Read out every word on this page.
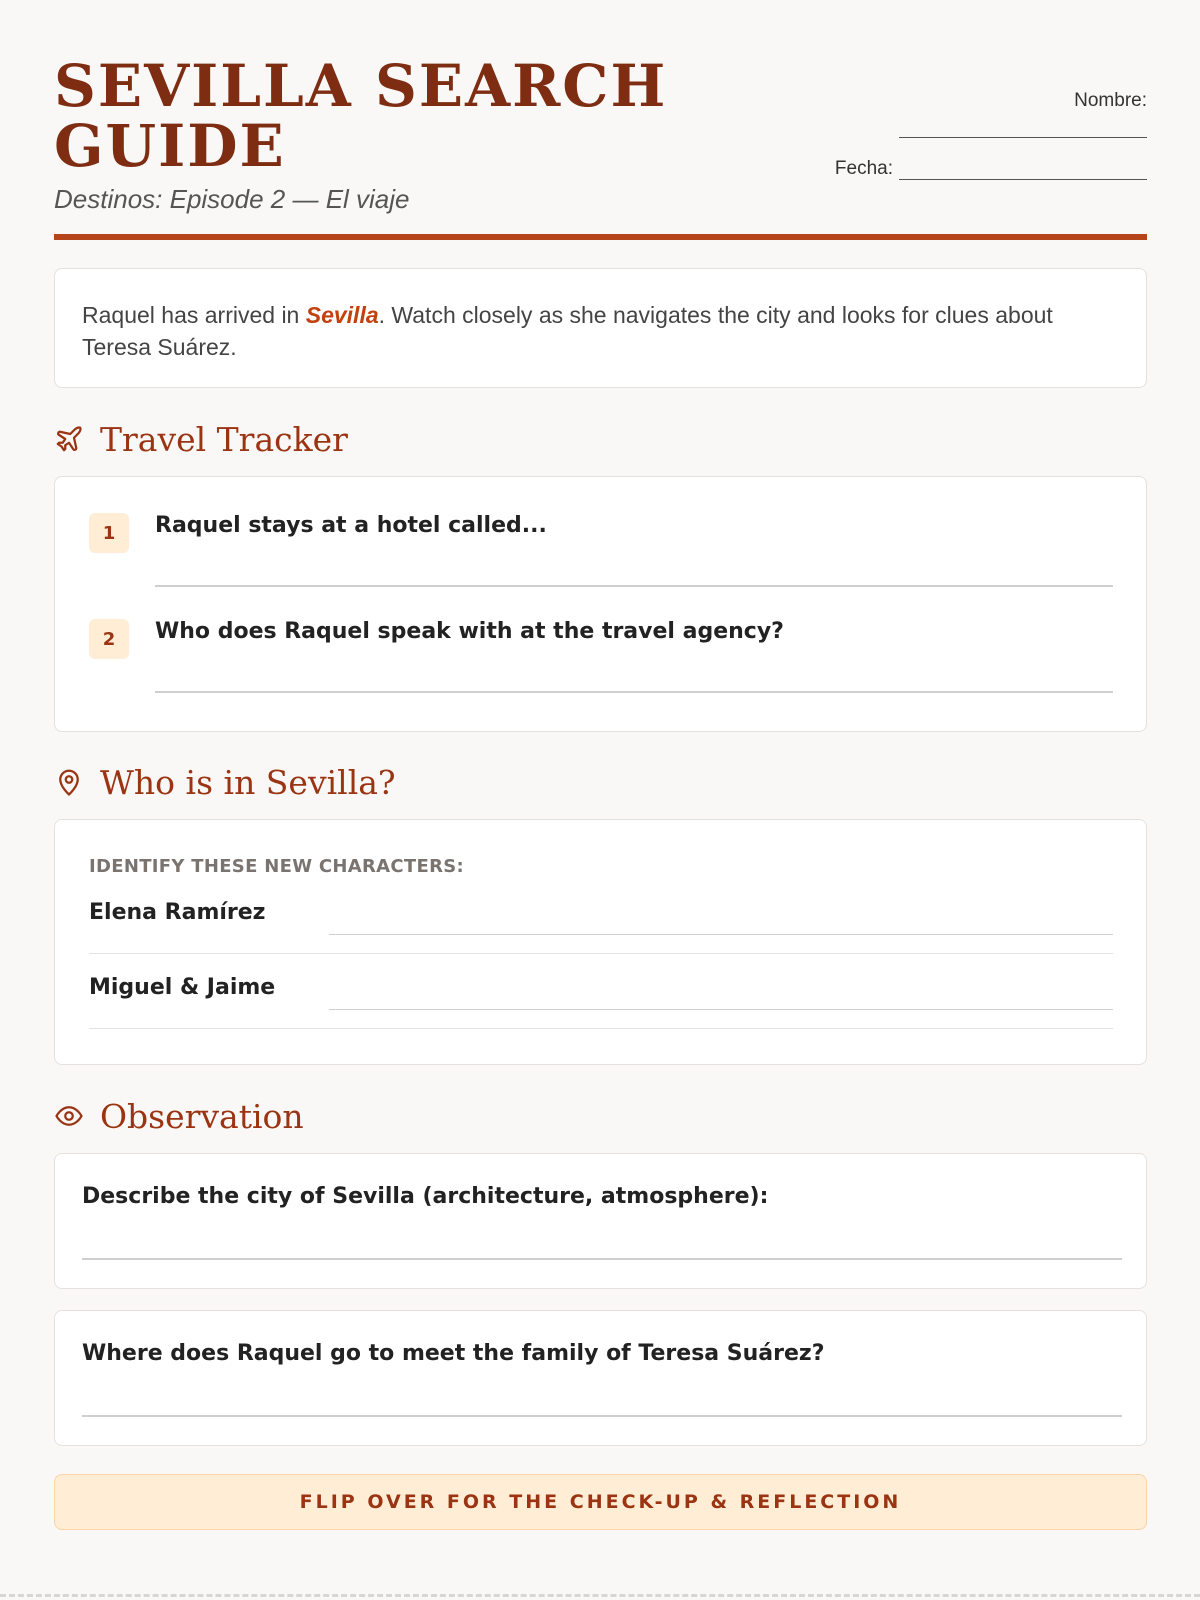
SEVILLA SEARCH GUIDE
Destinos: Episode 2 — El viaje
Nombre:
Fecha:
Raquel has arrived in Sevilla. Watch closely as she navigates the city and looks for clues about Teresa Suárez.
Travel Tracker
1	Raquel stays at a hotel called...
2	Who does Raquel speak with at the travel agency?
Who is in Sevilla?
IDENTIFY THESE NEW CHARACTERS:
Elena Ramírez
Miguel & Jaime
Observation
Describe the city of Sevilla (architecture, atmosphere):
Where does Raquel go to meet the family of Teresa Suárez?
FLIP OVER FOR THE CHECK-UP & REFLECTION
